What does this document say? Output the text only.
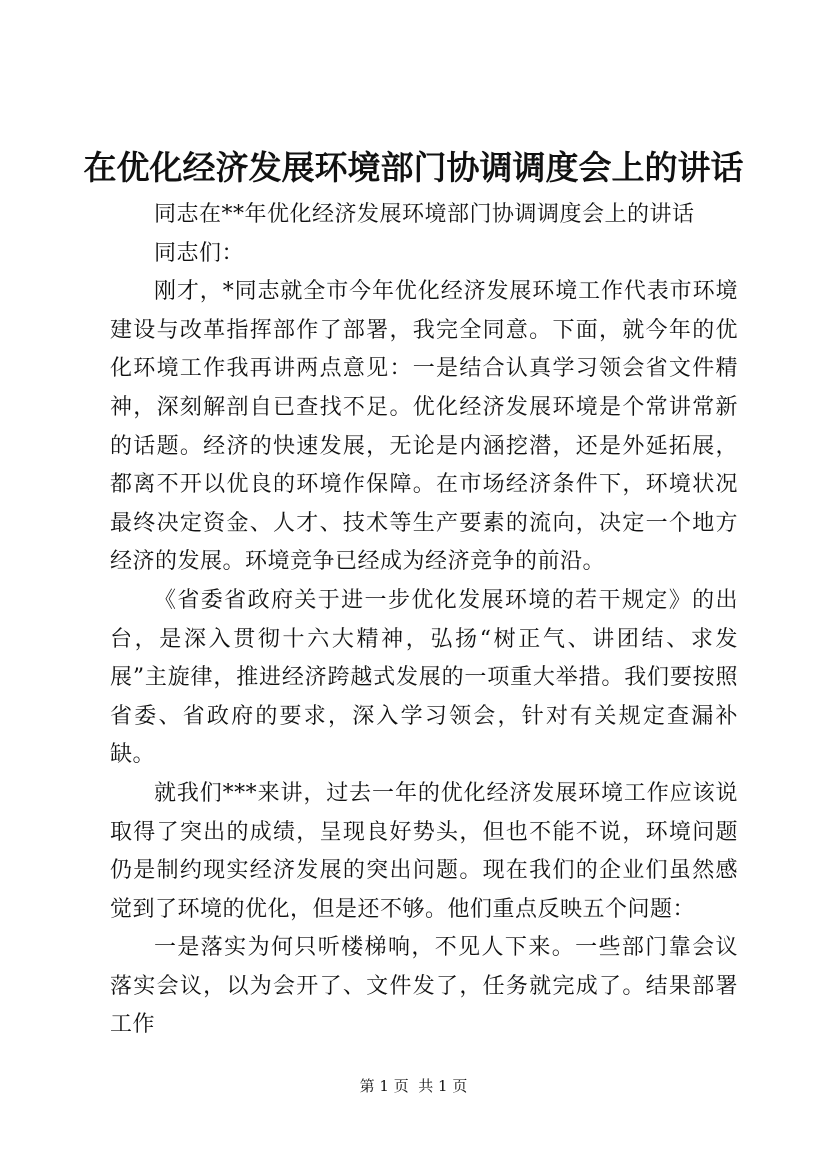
在优化经济发展环境部门协调调度会上的讲话

同志在**年优化经济发展环境部门协调调度会上的讲话

同志们：

刚才，*同志就全市今年优化经济发展环境工作代表市环境建设与改革指挥部作了部署，我完全同意。下面，就今年的优化环境工作我再讲两点意见：一是结合认真学习领会省文件精神，深刻解剖自已查找不足。优化经济发展环境是个常讲常新的话题。经济的快速发展，无论是内涵挖潜，还是外延拓展，都离不开以优良的环境作保障。在市场经济条件下，环境状况最终决定资金、人才、技术等生产要素的流向，决定一个地方经济的发展。环境竞争已经成为经济竞争的前沿。

《省委省政府关于进一步优化发展环境的若干规定》的出台，是深入贯彻十六大精神，弘扬“树正气、讲团结、求发展”主旋律，推进经济跨越式发展的一项重大举措。我们要按照省委、省政府的要求，深入学习领会，针对有关规定查漏补缺。

就我们***来讲，过去一年的优化经济发展环境工作应该说取得了突出的成绩，呈现良好势头，但也不能不说，环境问题仍是制约现实经济发展的突出问题。现在我们的企业们虽然感觉到了环境的优化，但是还不够。他们重点反映五个问题：

一是落实为何只听楼梯响，不见人下来。一些部门靠会议落实会议，以为会开了、文件发了，任务就完成了。结果部署工作

第 1 页  共 1 页
